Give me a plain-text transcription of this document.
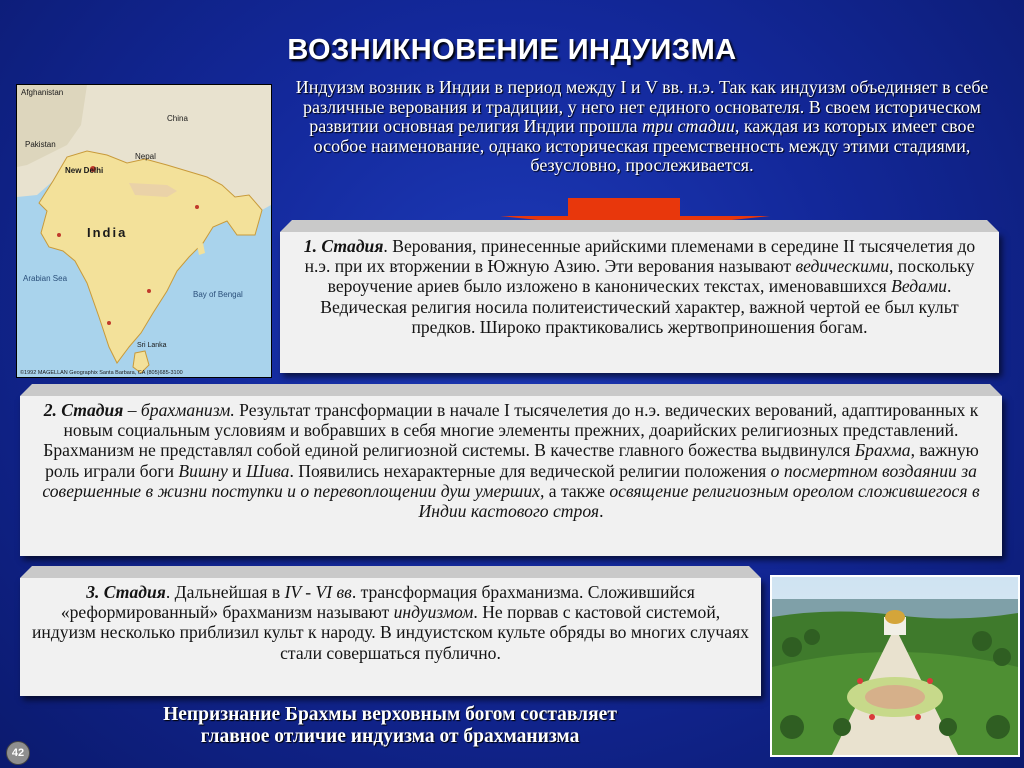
ВОЗНИКНОВЕНИЕ ИНДУИЗМА
Afghanistan
China
Pakistan
New Delhi
Nepal
India
Arabian Sea
Bay of Bengal
Sri Lanka
©1992 MAGELLAN Geographix Santa Barbara, CA (805)685-3100
Индуизм возник в Индии в период между I и V вв. н.э. Так как индуизм объединяет в себе различные верования и традиции, у него нет единого основателя. В своем историческом развитии основная религия Индии прошла три стадии, каждая из которых имеет свое особое наименование, однако историческая преемственность между этими стадиями, безусловно, прослеживается.
1. Стадия. Верования, принесенные арийскими племенами в середине II тысячелетия до н.э. при их вторжении в Южную Азию. Эти верования называют ведическими, поскольку вероучение ариев было изложено в канонических текстах, именовавшихся Ведами. Ведическая религия носила политеистический характер, важной чертой ее был культ предков. Широко практиковались жертвоприношения богам.
2. Стадия – брахманизм. Результат трансформации в начале I тысячелетия до н.э. ведических верований, адаптированных к новым социальным условиям и вобравших в себя многие элементы прежних, доарийских религиозных представлений. Брахманизм не представлял собой единой религиозной системы. В качестве главного божества выдвинулся Брахма, важную роль играли боги Вишну и Шива. Появились нехарактерные для ведической религии положения о посмертном воздаянии за совершенные в жизни поступки и о перевоплощении душ умерших, а также освящение религиозным ореолом сложившегося в Индии кастового строя.
3. Стадия. Дальнейшая в IV - VI вв. трансформация брахманизма. Сложившийся «реформированный» брахманизм называют индуизмом. Не порвав с кастовой системой, индуизм несколько приблизил культ к народу. В индуистском культе обряды во многих случаях стали совершаться публично.
Непризнание Брахмы верховным богом составляет
главное отличие индуизма от брахманизма
42
